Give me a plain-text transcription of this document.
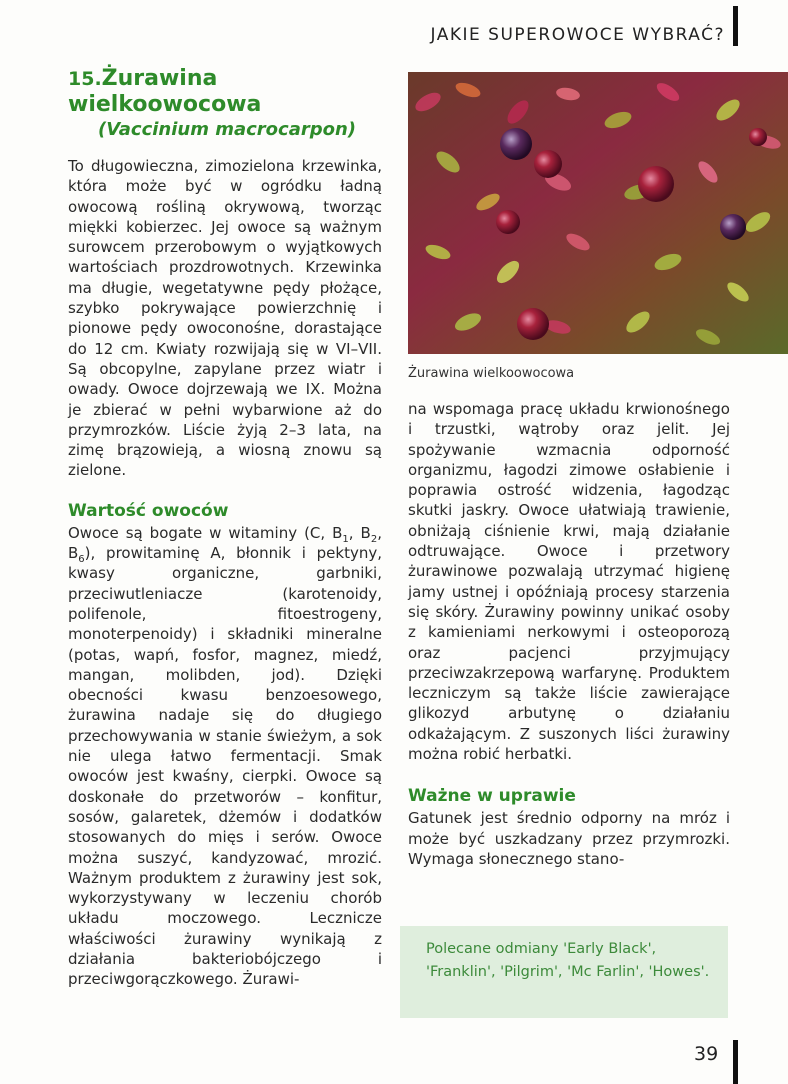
JAKIE SUPEROWOCE WYBRAĆ?
15.Żurawina wielkoowocowa
(Vaccinium macrocarpon)

To długowieczna, zimozielona krzewinka, która może być w ogródku ładną owocową rośliną okrywową, tworząc miękki kobierzec. Jej owoce są ważnym surowcem przerobowym o wyjątkowych wartościach prozdrowotnych. Krzewinka ma długie, wegetatywne pędy płożące, szybko pokrywające powierzchnię i pionowe pędy owoconośne, dorastające do 12 cm. Kwiaty rozwijają się w VI–VII. Są obcopylne, zapylane przez wiatr i owady. Owoce dojrzewają we IX. Można je zbierać w pełni wybarwione aż do przymrozków. Liście żyją 2–3 lata, na zimę brązowieją, a wiosną znowu są zielone.

Wartość owoców

Owoce są bogate w witaminy (C, $B_1$, $B_2$, $B_6$), prowitaminę A, błonnik i pektyny, kwasy organiczne, garbniki, przeciwutleniacze (karotenoidy, polifenole, fitoestrogeny, monoterpenoidy) i składniki mineralne (potas, wapń, fosfor, magnez, miedź, mangan, molibden, jod). Dzięki obecności kwasu benzoesowego, żurawina nadaje się do długiego przechowywania w stanie świeżym, a sok nie ulega łatwo fermentacji. Smak owoców jest kwaśny, cierpki. Owoce są doskonałe do przetworów – konfitur, sosów, galaretek, dżemów i dodatków stosowanych do mięs i serów. Owoce można suszyć, kandyzować, mrozić. Ważnym produktem z żurawiny jest sok, wykorzystywany w leczeniu chorób układu moczowego. Lecznicze właściwości żurawiny wynikają z działania bakteriobójczego i przeciwgorączkowego. Żurawi-

Żurawina wielkoowocowa

na wspomaga pracę układu krwionośnego i trzustki, wątroby oraz jelit. Jej spożywanie wzmacnia odporność organizmu, łagodzi zimowe osłabienie i poprawia ostrość widzenia, łagodząc skutki jaskry. Owoce ułatwiają trawienie, obniżają ciśnienie krwi, mają działanie odtruwające. Owoce i przetwory żurawinowe pozwalają utrzymać higienę jamy ustnej i opóźniają procesy starzenia się skóry. Żurawiny powinny unikać osoby z kamieniami nerkowymi i osteoporozą oraz pacjenci przyjmujący przeciwzakrzepową warfarynę. Produktem leczniczym są także liście zawierające glikozyd arbutynę o działaniu odkażającym. Z suszonych liści żurawiny można robić herbatki.

Ważne w uprawie

Gatunek jest średnio odporny na mróz i może być uszkadzany przez przymrozki. Wymaga słonecznego stano-

Polecane odmiany 'Early Black', 'Franklin', 'Pilgrim', 'Mc Farlin', 'Howes'.

39
